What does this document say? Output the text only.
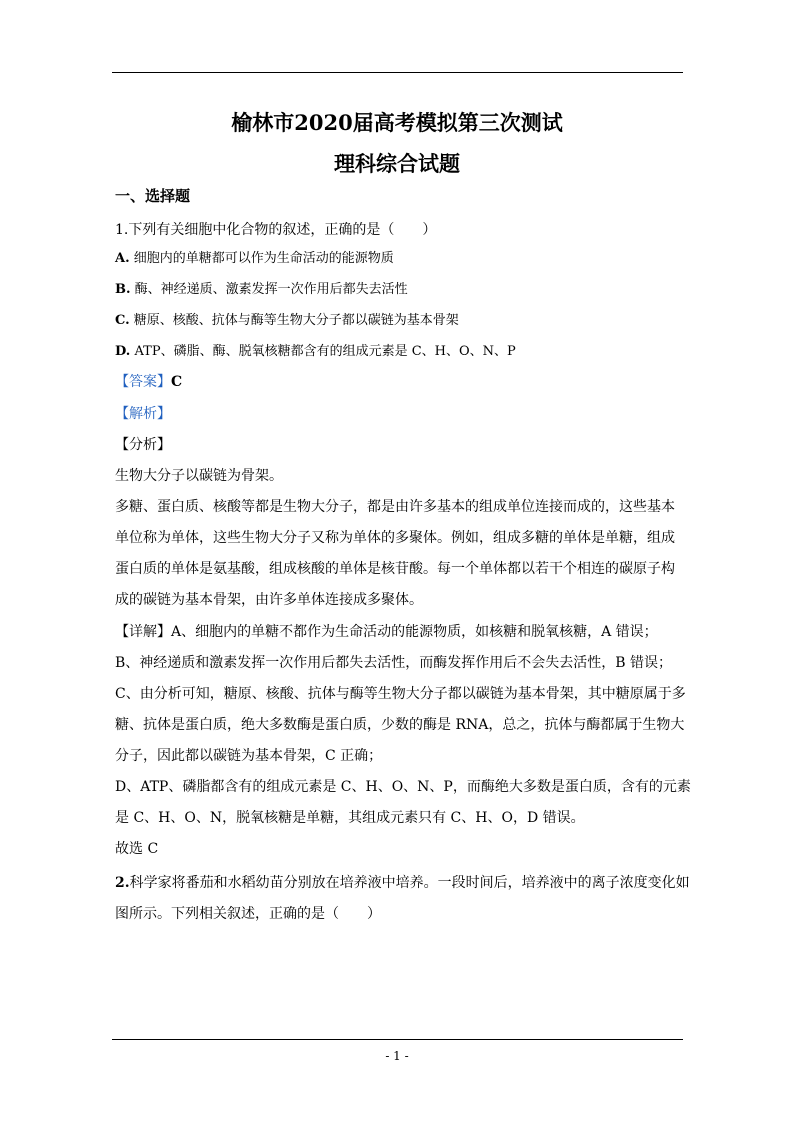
榆林市2020届高考模拟第三次测试
理科综合试题
一、选择题
1.下列有关细胞中化合物的叙述，正确的是（　　）
A. 细胞内的单糖都可以作为生命活动的能源物质
B. 酶、神经递质、激素发挥一次作用后都失去活性
C. 糖原、核酸、抗体与酶等生物大分子都以碳链为基本骨架
D. ATP、磷脂、酶、脱氧核糖都含有的组成元素是 C、H、O、N、P
【答案】C
【解析】
【分析】
生物大分子以碳链为骨架。
多糖、蛋白质、核酸等都是生物大分子，都是由许多基本的组成单位连接而成的，这些基本
单位称为单体，这些生物大分子又称为单体的多聚体。例如，组成多糖的单体是单糖，组成
蛋白质的单体是氨基酸，组成核酸的单体是核苷酸。每一个单体都以若干个相连的碳原子构
成的碳链为基本骨架，由许多单体连接成多聚体。
【详解】A、细胞内的单糖不都作为生命活动的能源物质，如核糖和脱氧核糖，A 错误；
B、神经递质和激素发挥一次作用后都失去活性，而酶发挥作用后不会失去活性，B 错误；
C、由分析可知，糖原、核酸、抗体与酶等生物大分子都以碳链为基本骨架，其中糖原属于多
糖、抗体是蛋白质，绝大多数酶是蛋白质，少数的酶是 RNA，总之，抗体与酶都属于生物大
分子，因此都以碳链为基本骨架，C 正确；
D、ATP、磷脂都含有的组成元素是 C、H、O、N、P，而酶绝大多数是蛋白质，含有的元素
是 C、H、O、N，脱氧核糖是单糖，其组成元素只有 C、H、O，D 错误。
故选 C
2.科学家将番茄和水稻幼苗分别放在培养液中培养。一段时间后，培养液中的离子浓度变化如
图所示。下列相关叙述，正确的是（　　）
- 1 -
